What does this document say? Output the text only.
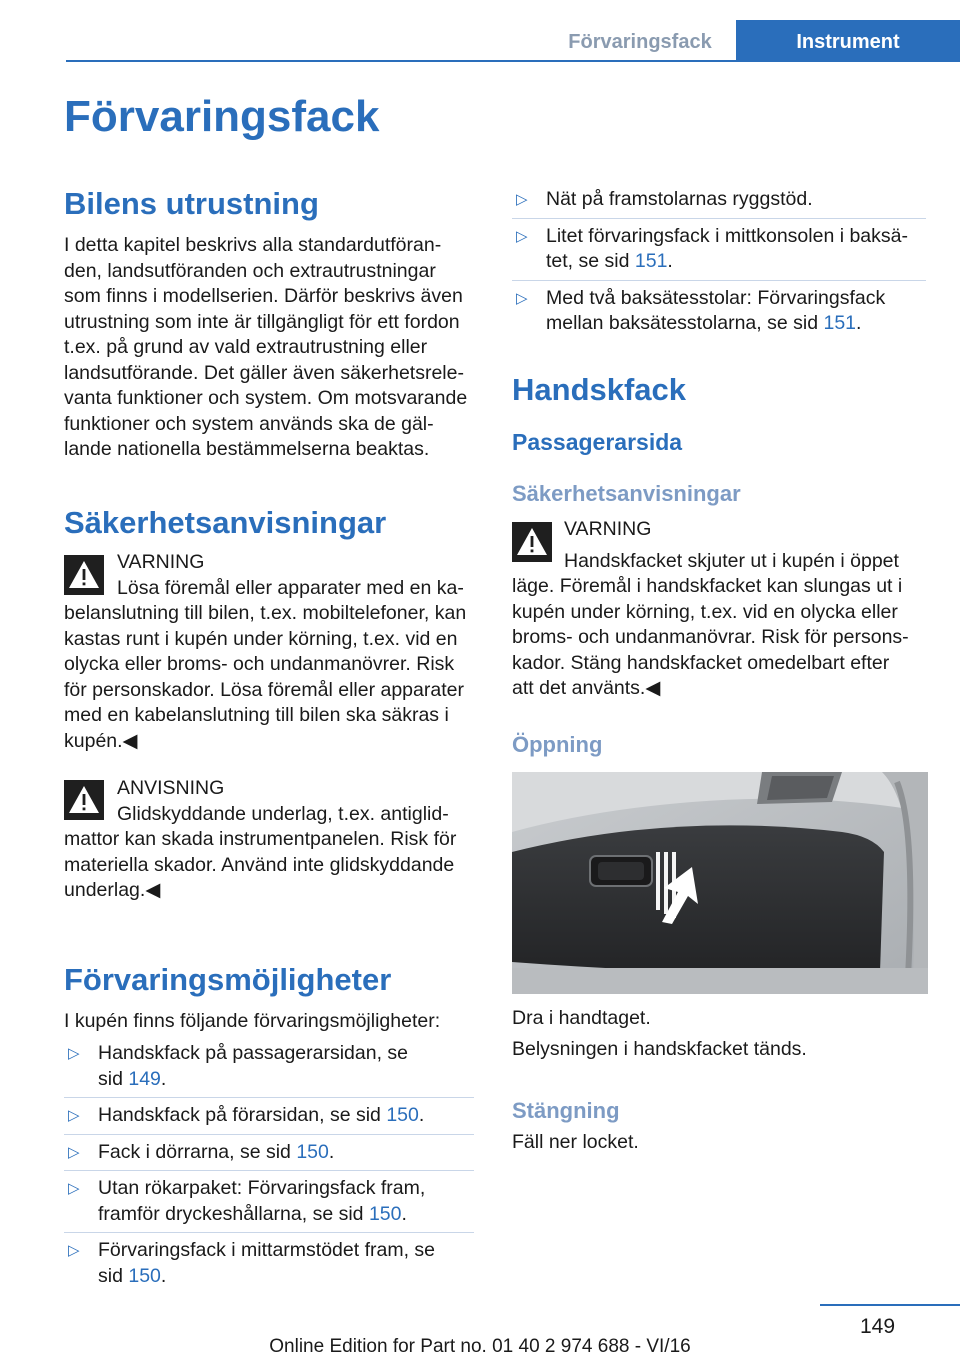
Förvaringsfack	Instrument
Förvaringsfack
Bilens utrustning
I detta kapitel beskrivs alla standardutföran-
den, landsutföranden och extrautrustningar
som finns i modellserien. Därför beskrivs även
utrustning som inte är tillgängligt för ett fordon
t.ex. på grund av vald extrautrustning eller
landsutförande. Det gäller även säkerhetsrele-
vanta funktioner och system. Om motsvarande
funktioner och system används ska de gäl-
lande nationella bestämmelserna beaktas.
Säkerhetsanvisningar
VARNING
Lösa föremål eller apparater med en ka-
belanslutning till bilen, t.ex. mobiltelefoner, kan
kastas runt i kupén under körning, t.ex. vid en
olycka eller broms- och undanmanövrer. Risk
för personskador. Lösa föremål eller apparater
med en kabelanslutning till bilen ska säkras i
kupén.◀
ANVISNING
Glidskyddande underlag, t.ex. antiglid-
mattor kan skada instrumentpanelen. Risk för
materiella skador. Använd inte glidskyddande
underlag.◀
Förvaringsmöjligheter
I kupén finns följande förvaringsmöjligheter:
▷ Handskfack på passagerarsidan, se
sid 149.
▷ Handskfack på förarsidan, se sid 150.
▷ Fack i dörrarna, se sid 150.
▷ Utan rökarpaket: Förvaringsfack fram,
framför dryckeshållarna, se sid 150.
▷ Förvaringsfack i mittarmstödet fram, se
sid 150.
▷ Nät på framstolarnas ryggstöd.
▷ Litet förvaringsfack i mittkonsolen i baksä-
tet, se sid 151.
▷ Med två baksätesstolar: Förvaringsfack
mellan baksätesstolarna, se sid 151.
Handskfack
Passagerarsida
Säkerhetsanvisningar
VARNING
Handskfacket skjuter ut i kupén i öppet
läge. Föremål i handskfacket kan slungas ut i
kupén under körning, t.ex. vid en olycka eller
broms- och undanmanövrar. Risk för persons-
kador. Stäng handskfacket omedelbart efter
att det använts.◀
Öppning
Dra i handtaget.
Belysningen i handskfacket tänds.
Stängning
Fäll ner locket.
149
Online Edition for Part no. 01 40 2 974 688 - VI/16
